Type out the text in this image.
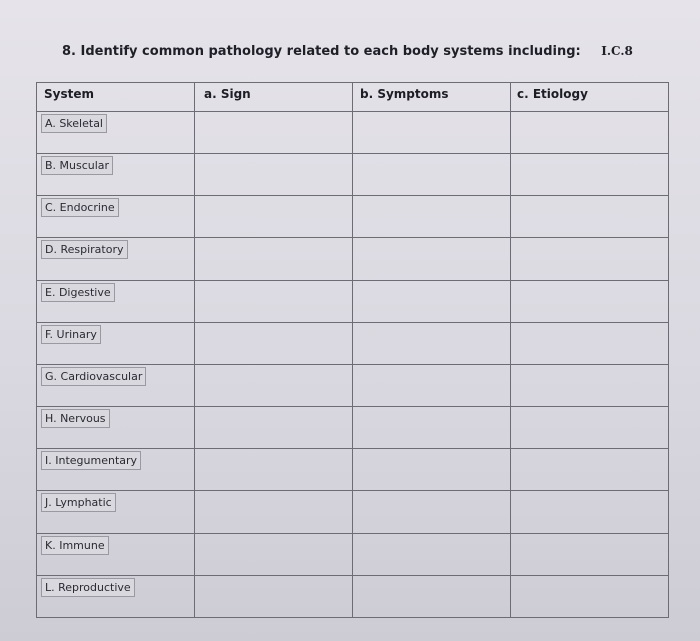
8. Identify common pathology related to each body systems including: I.C.8
System	a. Sign	b. Symptoms	c. Etiology

A. Skeletal			
B. Muscular			
C. Endocrine			
D. Respiratory			
E. Digestive			
F. Urinary			
G. Cardiovascular			
H. Nervous			
I. Integumentary			
J. Lymphatic			
K. Immune			
L. Reproductive			
